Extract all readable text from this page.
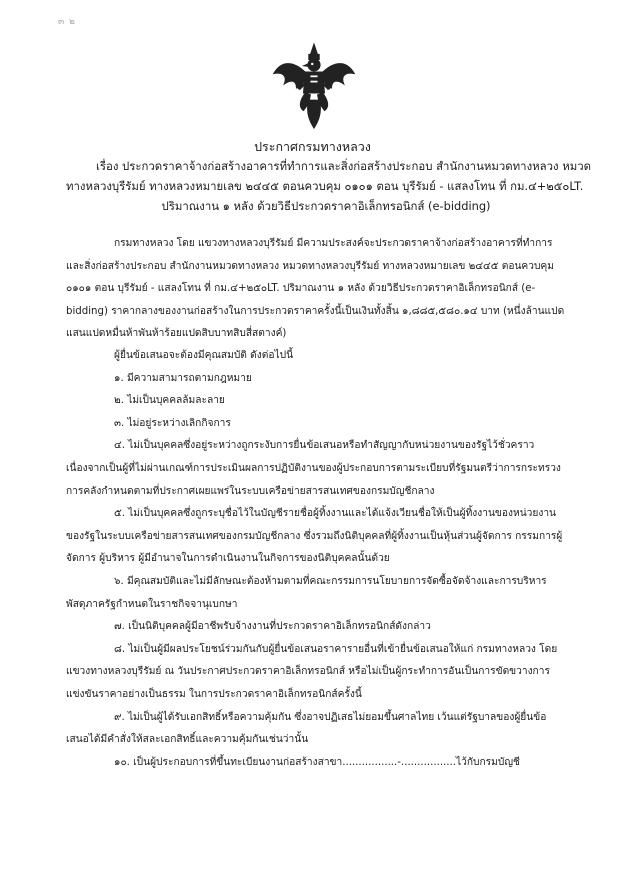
๓ ๒
ประกาศกรมทางหลวง
เรื่อง ประกวดราคาจ้างก่อสร้างอาคารที่ทำการและสิ่งก่อสร้างประกอบ สำนักงานหมวดทางหลวง หมวด
ทางหลวงบุรีรัมย์ ทางหลวงหมายเลข ๒๔๔๕ ตอนควบคุม ๐๑๐๑ ตอน บุรีรัมย์ - แสลงโทน ที่ กม.๔+๒๕๐LT.
ปริมาณงาน ๑ หลัง ด้วยวิธีประกวดราคาอิเล็กทรอนิกส์ (e-bidding)
กรมทางหลวง โดย แขวงทางหลวงบุรีรัมย์ มีความประสงค์จะประกวดราคาจ้างก่อสร้างอาคารที่ทำการ
และสิ่งก่อสร้างประกอบ สำนักงานหมวดทางหลวง หมวดทางหลวงบุรีรัมย์ ทางหลวงหมายเลข ๒๔๔๕ ตอนควบคุม
๐๑๐๑ ตอน บุรีรัมย์ - แสลงโทน ที่ กม.๔+๒๕๐LT. ปริมาณงาน ๑ หลัง ด้วยวิธีประกวดราคาอิเล็กทรอนิกส์ (e-
bidding) ราคากลางของงานก่อสร้างในการประกวดราคาครั้งนี้เป็นเงินทั้งสิ้น ๑,๘๘๕,๕๘๐.๑๔ บาท (หนึ่งล้านแปด
แสนแปดหมื่นห้าพันห้าร้อยแปดสิบบาทสิบสี่สตางค์)
ผู้ยื่นข้อเสนอจะต้องมีคุณสมบัติ ดังต่อไปนี้
๑. มีความสามารถตามกฎหมาย
๒. ไม่เป็นบุคคลล้มละลาย
๓. ไม่อยู่ระหว่างเลิกกิจการ
๔. ไม่เป็นบุคคลซึ่งอยู่ระหว่างถูกระงับการยื่นข้อเสนอหรือทำสัญญากับหน่วยงานของรัฐไว้ชั่วคราว
เนื่องจากเป็นผู้ที่ไม่ผ่านเกณฑ์การประเมินผลการปฏิบัติงานของผู้ประกอบการตามระเบียบที่รัฐมนตรีว่าการกระทรวง
การคลังกำหนดตามที่ประกาศเผยแพร่ในระบบเครือข่ายสารสนเทศของกรมบัญชีกลาง
๕. ไม่เป็นบุคคลซึ่งถูกระบุชื่อไว้ในบัญชีรายชื่อผู้ทิ้งงานและได้แจ้งเวียนชื่อให้เป็นผู้ทิ้งงานของหน่วยงาน
ของรัฐในระบบเครือข่ายสารสนเทศของกรมบัญชีกลาง ซึ่งรวมถึงนิติบุคคลที่ผู้ทิ้งงานเป็นหุ้นส่วนผู้จัดการ กรรมการผู้
จัดการ ผู้บริหาร ผู้มีอำนาจในการดำเนินงานในกิจการของนิติบุคคลนั้นด้วย
๖. มีคุณสมบัติและไม่มีลักษณะต้องห้ามตามที่คณะกรรมการนโยบายการจัดซื้อจัดจ้างและการบริหาร
พัสดุภาครัฐกำหนดในราชกิจจานุเบกษา
๗. เป็นนิติบุคคลผู้มีอาชีพรับจ้างงานที่ประกวดราคาอิเล็กทรอนิกส์ดังกล่าว
๘. ไม่เป็นผู้มีผลประโยชน์ร่วมกันกับผู้ยื่นข้อเสนอราคารายอื่นที่เข้ายื่นข้อเสนอให้แก่ กรมทางหลวง โดย
แขวงทางหลวงบุรีรัมย์ ณ วันประกาศประกวดราคาอิเล็กทรอนิกส์ หรือไม่เป็นผู้กระทำการอันเป็นการขัดขวางการ
แข่งขันราคาอย่างเป็นธรรม ในการประกวดราคาอิเล็กทรอนิกส์ครั้งนี้
๙. ไม่เป็นผู้ได้รับเอกสิทธิ์หรือความคุ้มกัน ซึ่งอาจปฏิเสธไม่ยอมขึ้นศาลไทย เว้นแต่รัฐบาลของผู้ยื่นข้อ
เสนอได้มีคำสั่งให้สละเอกสิทธิ์และความคุ้มกันเช่นว่านั้น
๑๐. เป็นผู้ประกอบการที่ขึ้นทะเบียนงานก่อสร้างสาขา.................-.................ไว้กับกรมบัญชี
